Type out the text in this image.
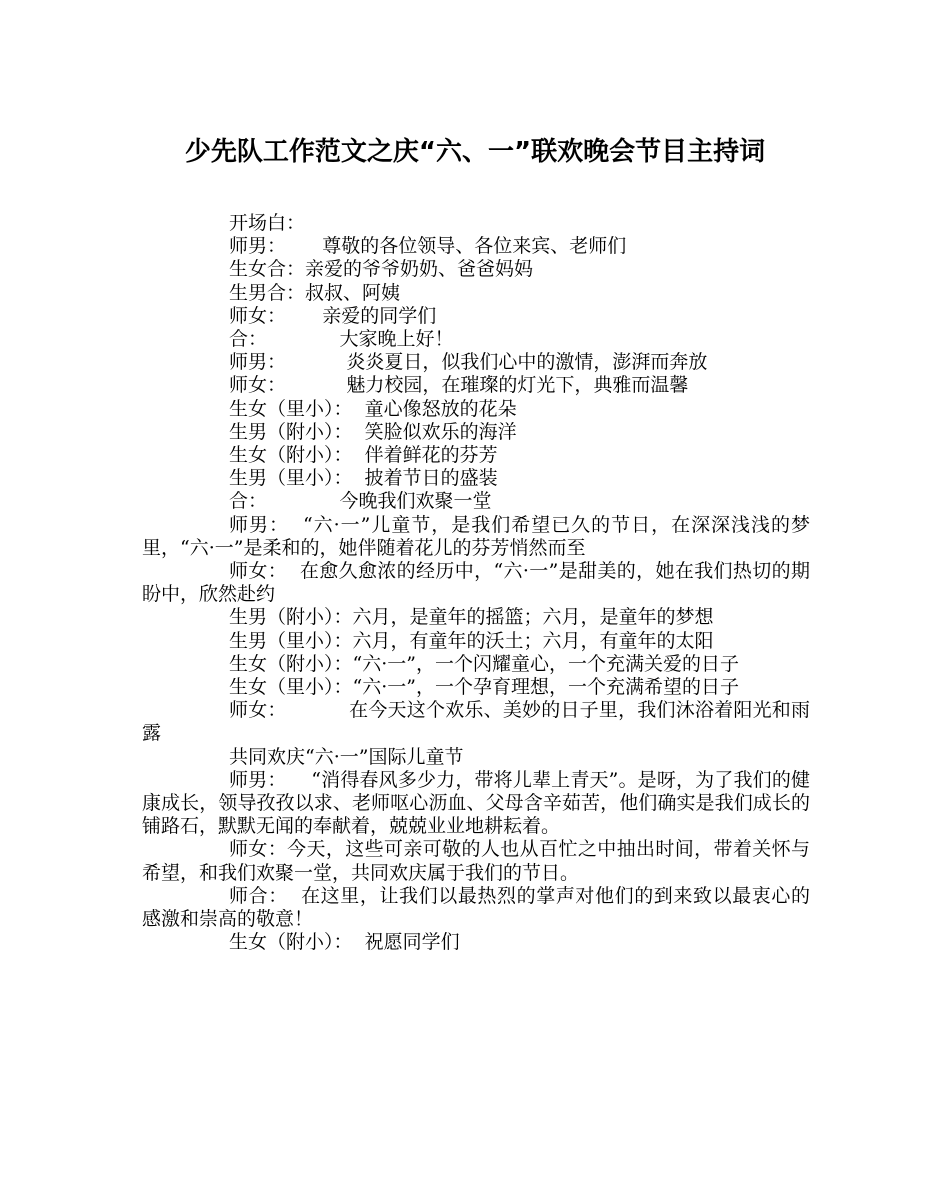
少先队工作范文之庆“六、一”联欢晚会节目主持词

开场白：

师男：      尊敬的各位领导、各位来宾、老师们

生女合：亲爱的爷爷奶奶、爸爸妈妈

生男合：叔叔、阿姨

师女：      亲爱的同学们

合：            大家晚上好！

师男：          炎炎夏日，似我们心中的激情，澎湃而奔放

师女：          魅力校园，在璀璨的灯光下，典雅而温馨

生女（里小）：  童心像怒放的花朵

生男（附小）：  笑脸似欢乐的海洋

生女（附小）：  伴着鲜花的芬芳

生男（里小）：  披着节日的盛装

合：            今晚我们欢聚一堂

师男：  “六·一”儿童节，是我们希望已久的节日，在深深浅浅的梦里，“六·一”是柔和的，她伴随着花儿的芬芳悄然而至

师女：  在愈久愈浓的经历中，“六·一”是甜美的，她在我们热切的期盼中，欣然赴约

生男（附小）：六月，是童年的摇篮；六月，是童年的梦想

生男（里小）：六月，有童年的沃土；六月，有童年的太阳

生女（附小）：“六·一”，一个闪耀童心，一个充满关爱的日子

生女（里小）：“六·一”，一个孕育理想，一个充满希望的日子

师女：          在今天这个欢乐、美妙的日子里，我们沐浴着阳光和雨露

共同欢庆“六·一”国际儿童节

师男：    “消得春风多少力，带将儿辈上青天”。是呀，为了我们的健康成长，领导孜孜以求、老师呕心沥血、父母含辛茹苦，他们确实是我们成长的铺路石，默默无闻的奉献着，兢兢业业地耕耘着。

师女：今天，这些可亲可敬的人也从百忙之中抽出时间，带着关怀与希望，和我们欢聚一堂，共同欢庆属于我们的节日。

师合：  在这里，让我们以最热烈的掌声对他们的到来致以最衷心的感激和崇高的敬意！

生女（附小）：  祝愿同学们
